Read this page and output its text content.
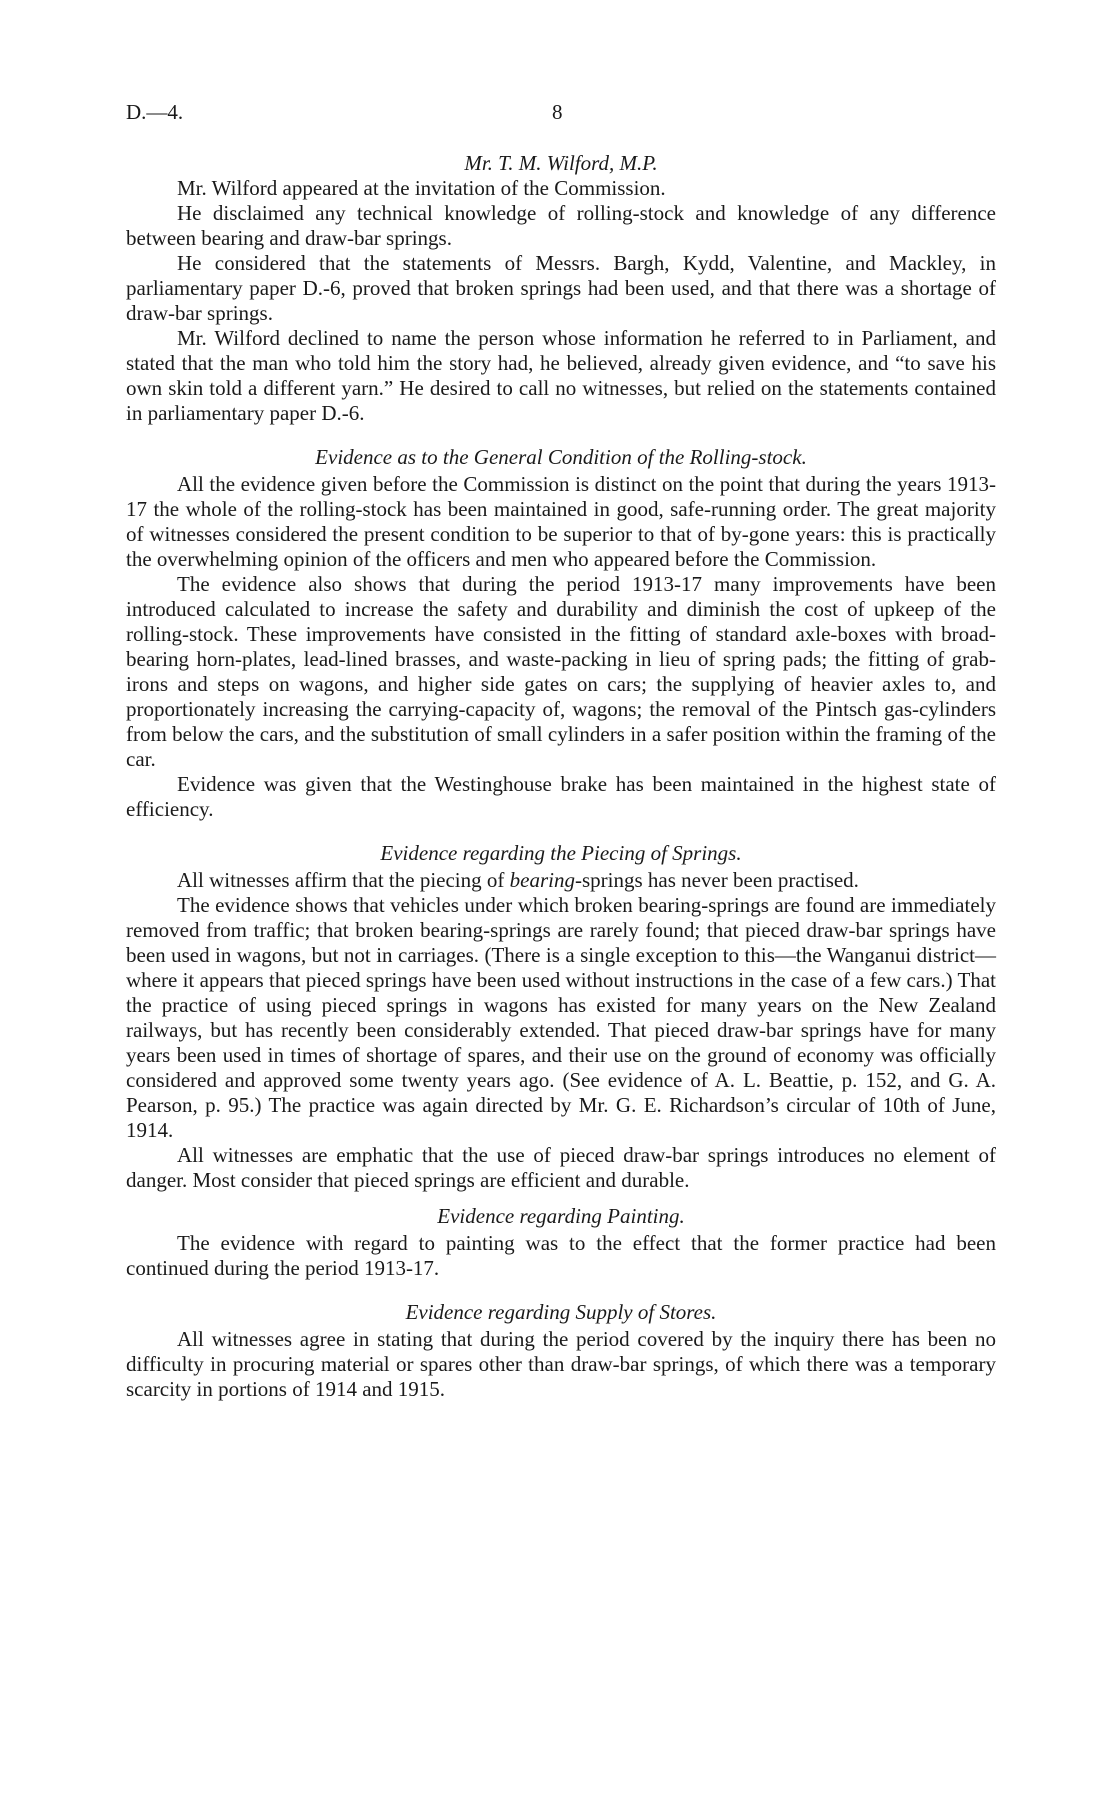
D.—4.	8
Mr. T. M. Wilford, M.P.

Mr. Wilford appeared at the invitation of the Commission.

He disclaimed any technical knowledge of rolling-stock and knowledge of any difference between bearing and draw-bar springs.

He considered that the statements of Messrs. Bargh, Kydd, Valentine, and Mackley, in parliamentary paper D.-6, proved that broken springs had been used, and that there was a shortage of draw-bar springs.

Mr. Wilford declined to name the person whose information he referred to in Parliament, and stated that the man who told him the story had, he believed, already given evidence, and “to save his own skin told a different yarn.” He desired to call no witnesses, but relied on the statements contained in parliamentary paper D.-6.

Evidence as to the General Condition of the Rolling-stock.

All the evidence given before the Commission is distinct on the point that during the years 1913-17 the whole of the rolling-stock has been maintained in good, safe-running order. The great majority of witnesses considered the present condition to be superior to that of by-gone years: this is practically the overwhelming opinion of the officers and men who appeared before the Commission.

The evidence also shows that during the period 1913-17 many improvements have been introduced calculated to increase the safety and durability and diminish the cost of upkeep of the rolling-stock. These improvements have consisted in the fitting of standard axle-boxes with broad-bearing horn-plates, lead-lined brasses, and waste-packing in lieu of spring pads; the fitting of grab-irons and steps on wagons, and higher side gates on cars; the supplying of heavier axles to, and proportionately increasing the carrying-capacity of, wagons; the removal of the Pintsch gas-cylinders from below the cars, and the substitution of small cylinders in a safer position within the framing of the car.

Evidence was given that the Westinghouse brake has been maintained in the highest state of efficiency.

Evidence regarding the Piecing of Springs.

All witnesses affirm that the piecing of bearing-springs has never been practised.

The evidence shows that vehicles under which broken bearing-springs are found are immediately removed from traffic; that broken bearing-springs are rarely found; that pieced draw-bar springs have been used in wagons, but not in carriages. (There is a single exception to this—the Wanganui district—where it appears that pieced springs have been used without instructions in the case of a few cars.) That the practice of using pieced springs in wagons has existed for many years on the New Zealand railways, but has recently been considerably extended. That pieced draw-bar springs have for many years been used in times of shortage of spares, and their use on the ground of economy was officially considered and approved some twenty years ago. (See evidence of A. L. Beattie, p. 152, and G. A. Pearson, p. 95.) The practice was again directed by Mr. G. E. Richardson’s circular of 10th of June, 1914.

All witnesses are emphatic that the use of pieced draw-bar springs introduces no element of danger. Most consider that pieced springs are efficient and durable.

Evidence regarding Painting.

The evidence with regard to painting was to the effect that the former practice had been continued during the period 1913-17.

Evidence regarding Supply of Stores.

All witnesses agree in stating that during the period covered by the inquiry there has been no difficulty in procuring material or spares other than draw-bar springs, of which there was a temporary scarcity in portions of 1914 and 1915.
